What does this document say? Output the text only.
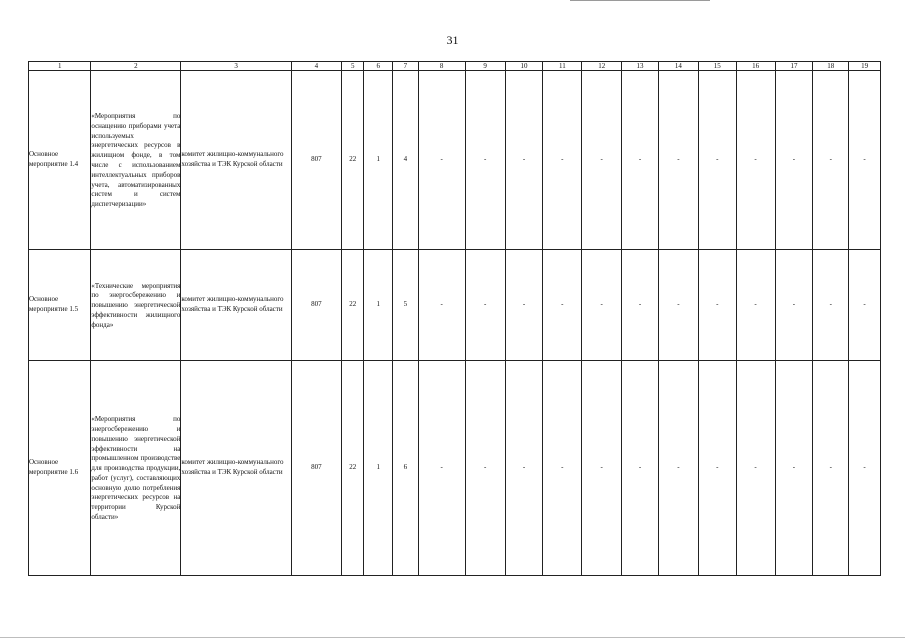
31
1	2	3	4	5	6	7	8	9	10	11	12	13	14	15	16	17	18	19
Основное мероприятие 1.4	«Мероприятия по оснащению приборами учета используемых энергетических ресурсов в жилищном фонде, в том числе с использованием интеллектуальных приборов учета, автоматизированных систем и систем диспетчеризации»	комитет жилищно-коммунального хозяйства и ТЭК Курской области	807	22	1	4	-	-	-	-	-	-	-	-	-	-	-	-
Основное мероприятие 1.5	«Технические мероприятия по энергосбережению и повышению энергетической эффективности жилищного фонда»	комитет жилищно-коммунального хозяйства и ТЭК Курской области	807	22	1	5	-	-	-	-	-	-	-	-	-	-	-	-
Основное мероприятие 1.6	«Мероприятия по энергосбережению и повышению энергетической эффективности на промышленном производстве для производства продукции, работ (услуг), составляющих основную долю потребления энергетических ресурсов на территории Курской области»	комитет жилищно-коммунального хозяйства и ТЭК Курской области	807	22	1	6	-	-	-	-	-	-	-	-	-	-	-	-
